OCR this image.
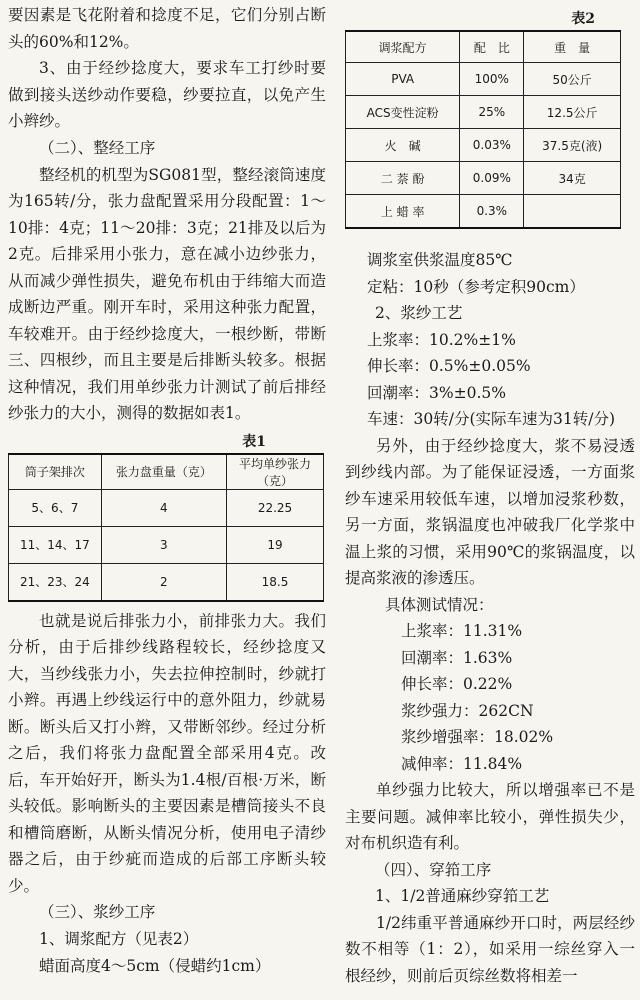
要因素是飞花附着和捻度不足，它们分别占断头的60%和12%。

3、由于经纱捻度大，要求车工打纱时要做到接头送纱动作要稳，纱要拉直，以免产生小辫纱。

（二）、整经工序

整经机的机型为SG081型，整经滚筒速度为165转/分，张力盘配置采用分段配置：1～10排：4克；11～20排：3克；21排及以后为2克。后排采用小张力，意在减小边纱张力，从而减少弹性损失，避免布机由于纬缩大而造成断边严重。刚开车时，采用这种张力配置，车较难开。由于经纱捻度大，一根纱断，带断三、四根纱，而且主要是后排断头较多。根据这种情况，我们用单纱张力计测试了前后排经纱张力的大小，测得的数据如表1。

表1

筒子架排次	张力盘重量（克）	平均单纱张力（克）
5、6、7	4	22.25
11、14、17	3	19
21、23、24	2	18.5

也就是说后排张力小，前排张力大。我们分析，由于后排纱线路程较长，经纱捻度又大，当纱线张力小，失去拉伸控制时，纱就打小辫。再遇上纱线运行中的意外阻力，纱就易断。断头后又打小辫，又带断邻纱。经过分析之后，我们将张力盘配置全部采用4克。改后，车开始好开，断头为1.4根/百根·万米，断头较低。影响断头的主要因素是槽筒接头不良和槽筒磨断，从断头情况分析，使用电子清纱器之后，由于纱疵而造成的后部工序断头较少。

（三）、浆纱工序

1、调浆配方（见表2）

蜡面高度4～5cm（侵蜡约1cm）

表2

调浆配方	配　比	重　量
PVA	100%	50公斤
ACS变性淀粉	25%	12.5公斤
火　碱	0.03%	37.5克(液)
二 萘 酚	0.09%	34克
上 蜡 率	0.3%	
调浆室供浆温度85℃
定粘：10秒（参考定积90cm）
2、浆纱工艺
上浆率：10.2%±1%
伸长率：0.5%±0.05%
回潮率：3%±0.5%
车速：30转/分(实际车速为31转/分)

另外，由于经纱捻度大，浆不易浸透到纱线内部。为了能保证浸透，一方面浆纱车速采用较低车速，以增加浸浆秒数，另一方面，浆锅温度也冲破我厂化学浆中温上浆的习惯，采用90℃的浆锅温度，以提高浆液的渗透压。

具体测试情况：
上浆率：11.31%
回潮率：1.63%
伸长率：0.22%
浆纱强力：262CN
浆纱增强率：18.02%
减伸率：11.84%

单纱强力比较大，所以增强率已不是主要问题。减伸率比较小，弹性损失少，对布机织造有利。

（四）、穿筘工序
1、1/2普通麻纱穿筘工艺

1/2纬重平普通麻纱开口时，两层经纱数不相等（1：2），如采用一综丝穿入一根经纱，则前后页综丝数将相差一
